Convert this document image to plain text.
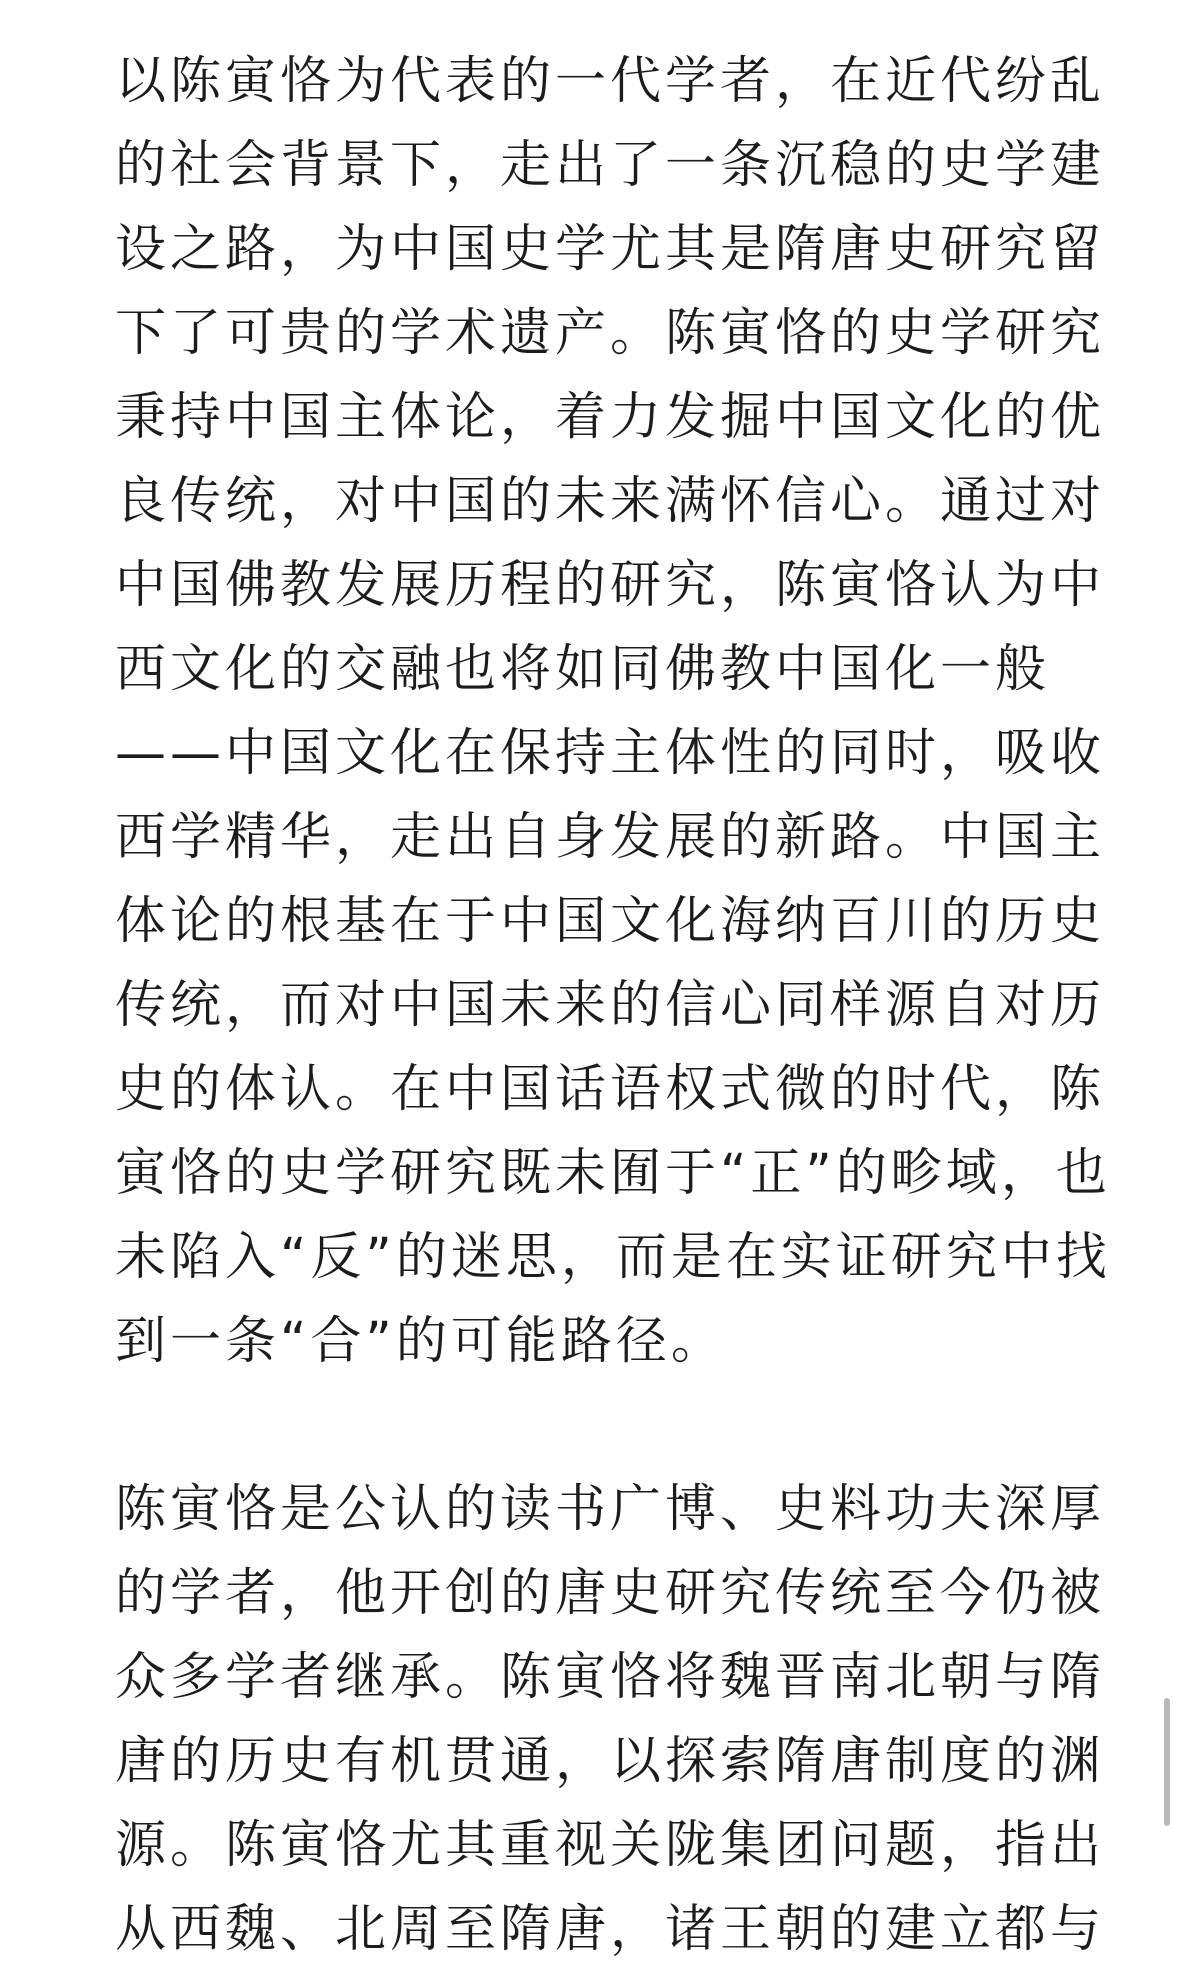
以陈寅恪为代表的一代学者，在近代纷乱
的社会背景下，走出了一条沉稳的史学建
设之路，为中国史学尤其是隋唐史研究留
下了可贵的学术遗产。陈寅恪的史学研究
秉持中国主体论，着力发掘中国文化的优
良传统，对中国的未来满怀信心。通过对
中国佛教发展历程的研究，陈寅恪认为中
西文化的交融也将如同佛教中国化一般
——中国文化在保持主体性的同时，吸收
西学精华，走出自身发展的新路。中国主
体论的根基在于中国文化海纳百川的历史
传统，而对中国未来的信心同样源自对历
史的体认。在中国话语权式微的时代，陈
寅恪的史学研究既未囿于“正”的畛域，也
未陷入“反”的迷思，而是在实证研究中找
到一条“合”的可能路径。

陈寅恪是公认的读书广博、史料功夫深厚
的学者，他开创的唐史研究传统至今仍被
众多学者继承。陈寅恪将魏晋南北朝与隋
唐的历史有机贯通，以探索隋唐制度的渊
源。陈寅恪尤其重视关陇集团问题，指出
从西魏、北周至隋唐，诸王朝的建立都与
